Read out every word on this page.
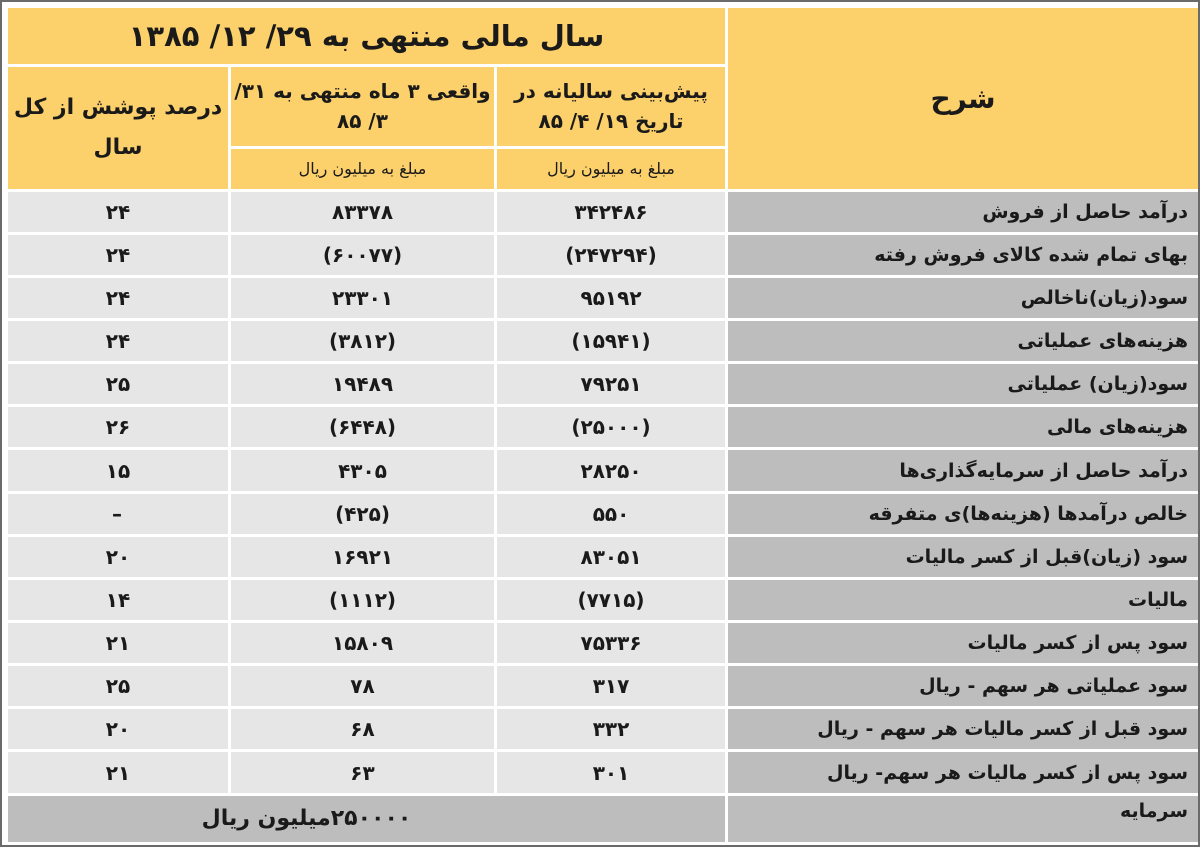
شرح	سال مالی منتهی به ۲۹/ ۱۲/ ۱۳۸۵		
	پیش‌بینی سالیانه در تاریخ ۱۹/ ۴/ ۸۵	واقعی ۳ ماه منتهی به ۳۱/ ۳/ ۸۵	درصد پوشش از کل سال
	مبلغ به میلیون ریال	مبلغ به میلیون ریال	
درآمد حاصل از فروش	۳۴۲۴۸۶	۸۳۳۷۸	۲۴
بهای تمام شده کالای فروش رفته	(۲۴۷۲۹۴)	(۶۰۰۷۷)	۲۴
سود(زیان)ناخالص	۹۵۱۹۲	۲۳۳۰۱	۲۴
هزینه‌های عملیاتی	(۱۵۹۴۱)	(۳۸۱۲)	۲۴
سود(زیان) عملیاتی	۷۹۲۵۱	۱۹۴۸۹	۲۵
هزینه‌های مالی	(۲۵۰۰۰)	(۶۴۴۸)	۲۶
درآمد حاصل از سرمایه‌گذاری‌ها	۲۸۲۵۰	۴۳۰۵	۱۵
خالص درآمدها (هزینه‌ها)ی متفرقه	۵۵۰	(۴۲۵)	–
سود (زیان)قبل از کسر مالیات	۸۳۰۵۱	۱۶۹۲۱	۲۰
مالیات	(۷۷۱۵)	(۱۱۱۲)	۱۴
سود پس از کسر مالیات	۷۵۳۳۶	۱۵۸۰۹	۲۱
سود عملیاتی هر سهم - ریال	۳۱۷	۷۸	۲۵
سود قبل از کسر مالیات هر سهم - ریال	۳۳۲	۶۸	۲۰
سود پس از کسر مالیات هر سهم- ریال	۳۰۱	۶۳	۲۱
سرمایه	۲۵۰۰۰۰میلیون ریال		
